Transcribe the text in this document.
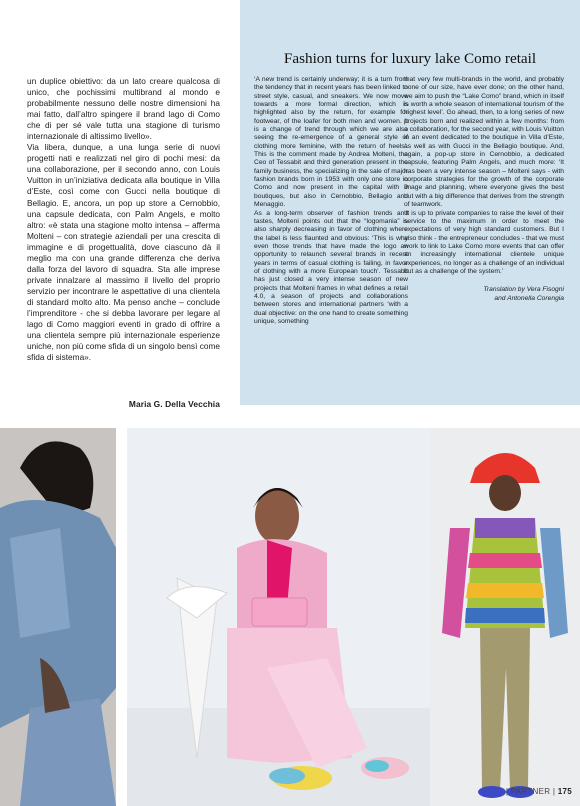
un duplice obiettivo: da un lato creare qualcosa di unico, che pochissimi multibrand al mondo e probabilmente nessuno delle nostre dimensioni ha mai fatto, dall’altro spingere il brand lago di Como che di per sé vale tutta una stagione di turismo internazionale di altissimo livello».

Via libera, dunque, a una lunga serie di nuovi progetti nati e realizzati nel giro di pochi mesi: da una collaborazione, per il secondo anno, con Louis Vuitton in un’iniziativa dedicata alla boutique in Villa d’Este, così come con Gucci nella boutique di Bellagio. E, ancora, un pop up store a Cernobbio, una capsule dedicata, con Palm Angels, e molto altro: «è stata una stagione molto intensa – afferma Molteni – con strategie aziendali per una crescita di immagine e di progettualità, dove ciascuno dà il meglio ma con una grande differenza che deriva dalla forza del lavoro di squadra. Sta alle imprese private innalzare al massimo il livello del proprio servizio per incontrare le aspettative di una clientela di standard molto alto. Ma penso anche – conclude l’imprenditore - che si debba lavorare per legare al lago di Como maggiori eventi in grado di offrire a una clientela sempre più internazionale esperienze uniche, non più come sfida di un singolo bensì come sfida di sistema».

Maria G. Della Vecchia
Fashion turns for luxury lake Como retail

‘A new trend is certainly underway; it is a turn from the tendency that in recent years has been linked to street style, casual, and sneakers. We now move towards a more formal direction, which is highlighted also by the return, for example for footwear, of the loafer for both men and women. It is a change of trend through which we are also seeing the re-emergence of a general style of clothing more feminine, with the return of heels’. This is the comment made by Andrea Molteni, the Ceo of Tessabit and third generation present in the family business, the specializing in the sale of major fashion brands born in 1953 with only one store in Como and now present in the capital with 9 boutiques, but also in Cernobbio, Bellagio and Menaggio.

As a long-term observer of fashion trends and tastes, Molteni points out that the “logomania” is also sharply decreasing in favor of clothing where the label is less flaunted and obvious: ‘This is why even those trends that have made the logo an opportunity to relaunch several brands in recent years in terms of casual clothing is failing, in favor of clothing with a more European touch’. Tessabit has just closed a very intense season of new projects that Molteni frames in what defines a retail 4.0, a season of projects and collaborations between stores and international partners ‘with a dual objective: on the one hand to create something unique, something

that very few multi-brands in the world, and probably none of our size, have ever done; on the other hand, we aim to push the “Lake Como” brand, which in itself is worth a whole season of international tourism of the highest level’. Go ahead, then, to a long series of new projects born and realized within a few months: from a collaboration, for the second year, with Louis Vuitton in an event dedicated to the boutique in Villa d’Este, as well as with Gucci in the Bellagio boutique. And, again, a pop-up store in Cernobbio, a dedicated capsule, featuring Palm Angels, and much more: ‘It has been a very intense season – Molteni says - with corporate strategies for the growth of the corporate image and planning, where everyone gives the best but with a big difference that derives from the strength of teamwork.

‘It is up to private companies to raise the level of their service to the maximum in order to meet the expectations of very high standard customers. But I also think - the entrepreneur concludes - that we must work to link to Lake Como more events that can offer an increasingly international clientele unique experiences, no longer as a challenge of an individual but as a challenge of the system.’

Translation by Vera Fisogni
and Antonella Corengia

| PARTNER | 175
